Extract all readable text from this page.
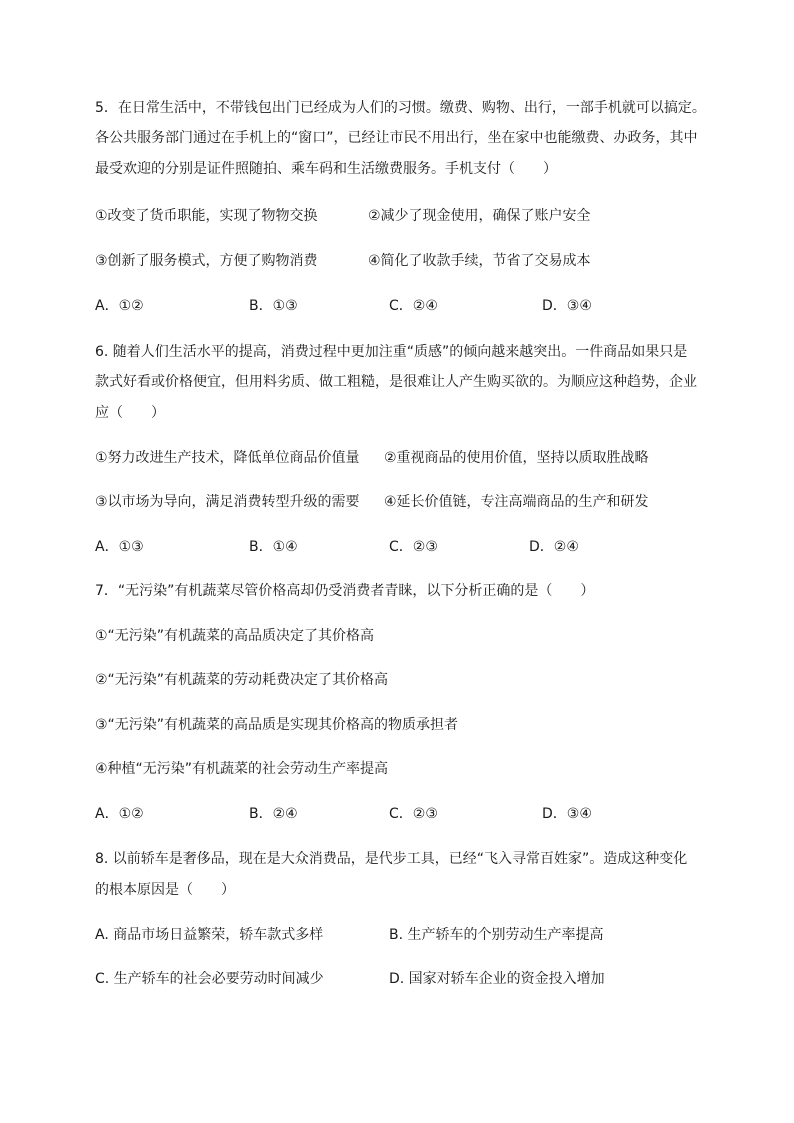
5．在日常生活中，不带钱包出门已经成为人们的习惯。缴费、购物、出行，一部手机就可以搞定。
各公共服务部门通过在手机上的“窗口”，已经让市民不用出行，坐在家中也能缴费、办政务，其中
最受欢迎的分别是证件照随拍、乘车码和生活缴费服务。手机支付（　　）
①改变了货币职能，实现了物物交换	②减少了现金使用，确保了账户安全
③创新了服务模式，方便了购物消费	④简化了收款手续，节省了交易成本
A．①②	B．①③	C．②④	D．③④
6. 随着人们生活水平的提高，消费过程中更加注重“质感”的倾向越来越突出。一件商品如果只是
款式好看或价格便宜，但用料劣质、做工粗糙，是很难让人产生购买欲的。为顺应这种趋势，企业
应（　　）
①努力改进生产技术，降低单位商品价值量 ②重视商品的使用价值，坚持以质取胜战略
③以市场为导向，满足消费转型升级的需要 ④延长价值链，专注高端商品的生产和研发
A．①③	B．①④	C．②③	D．②④
7．“无污染”有机蔬菜尽管价格高却仍受消费者青睐，以下分析正确的是（　　）
①“无污染”有机蔬菜的高品质决定了其价格高
②“无污染”有机蔬菜的劳动耗费决定了其价格高
③“无污染”有机蔬菜的高品质是实现其价格高的物质承担者
④种植“无污染”有机蔬菜的社会劳动生产率提高
A．①②	B．②④	C．②③	D．③④
8. 以前轿车是奢侈品，现在是大众消费品，是代步工具，已经“飞入寻常百姓家”。造成这种变化
的根本原因是（　　）
A. 商品市场日益繁荣，轿车款式多样	B. 生产轿车的个别劳动生产率提高
C. 生产轿车的社会必要劳动时间减少	D. 国家对轿车企业的资金投入增加
